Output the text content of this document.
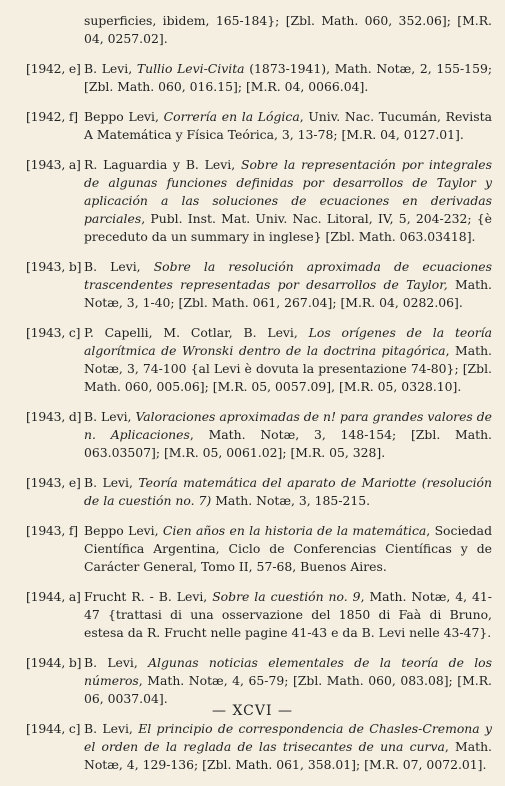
superficies, ibidem, 165-184}; [Zbl. Math. 060, 352.06]; [M.R. 04, 0257.02].
[1942, e] B. Levi, Tullio Levi-Civita (1873-1941), Math. Notæ, 2, 155-159; [Zbl. Math. 060, 016.15]; [M.R. 04, 0066.04].
[1942, f] Beppo Levi, Correría en la Lógica, Univ. Nac. Tucumán, Revista A Matemática y Física Teórica, 3, 13-78; [M.R. 04, 0127.01].
[1943, a] R. Laguardia y B. Levi, Sobre la representación por integrales de algunas funciones definidas por desarrollos de Taylor y aplicación a las soluciones de ecuaciones en derivadas parciales, Publ. Inst. Mat. Univ. Nac. Litoral, IV, 5, 204-232; {è preceduto da un summary in inglese} [Zbl. Math. 063.03418].
[1943, b] B. Levi, Sobre la resolución aproximada de ecuaciones trascendentes representadas por desarrollos de Taylor, Math. Notæ, 3, 1-40; [Zbl. Math. 061, 267.04]; [M.R. 04, 0282.06].
[1943, c] P. Capelli, M. Cotlar, B. Levi, Los orígenes de la teoría algorítmica de Wronski dentro de la doctrina pitagórica, Math. Notæ, 3, 74-100 {al Levi è dovuta la presentazione 74-80}; [Zbl. Math. 060, 005.06]; [M.R. 05, 0057.09], [M.R. 05, 0328.10].
[1943, d] B. Levi, Valoraciones aproximadas de n! para grandes valores de n. Aplicaciones, Math. Notæ, 3, 148-154; [Zbl. Math. 063.03507]; [M.R. 05, 0061.02]; [M.R. 05, 328].
[1943, e] B. Levi, Teoría matemática del aparato de Mariotte (resolución de la cuestión no. 7) Math. Notæ, 3, 185-215.
[1943, f] Beppo Levi, Cien años en la historia de la matemática, Sociedad Científica Argentina, Ciclo de Conferencias Científicas y de Carácter General, Tomo II, 57-68, Buenos Aires.
[1944, a] Frucht R. - B. Levi, Sobre la cuestión no. 9, Math. Notæ, 4, 41-47 {trattasi di una osservazione del 1850 di Faà di Bruno, estesa da R. Frucht nelle pagine 41-43 e da B. Levi nelle 43-47}.
[1944, b] B. Levi, Algunas noticias elementales de la teoría de los números, Math. Notæ, 4, 65-79; [Zbl. Math. 060, 083.08]; [M.R. 06, 0037.04].
[1944, c] B. Levi, El principio de correspondencia de Chasles-Cremona y el orden de la reglada de las trisecantes de una curva, Math. Notæ, 4, 129-136; [Zbl. Math. 061, 358.01]; [M.R. 07, 0072.01].
— XCVI —
